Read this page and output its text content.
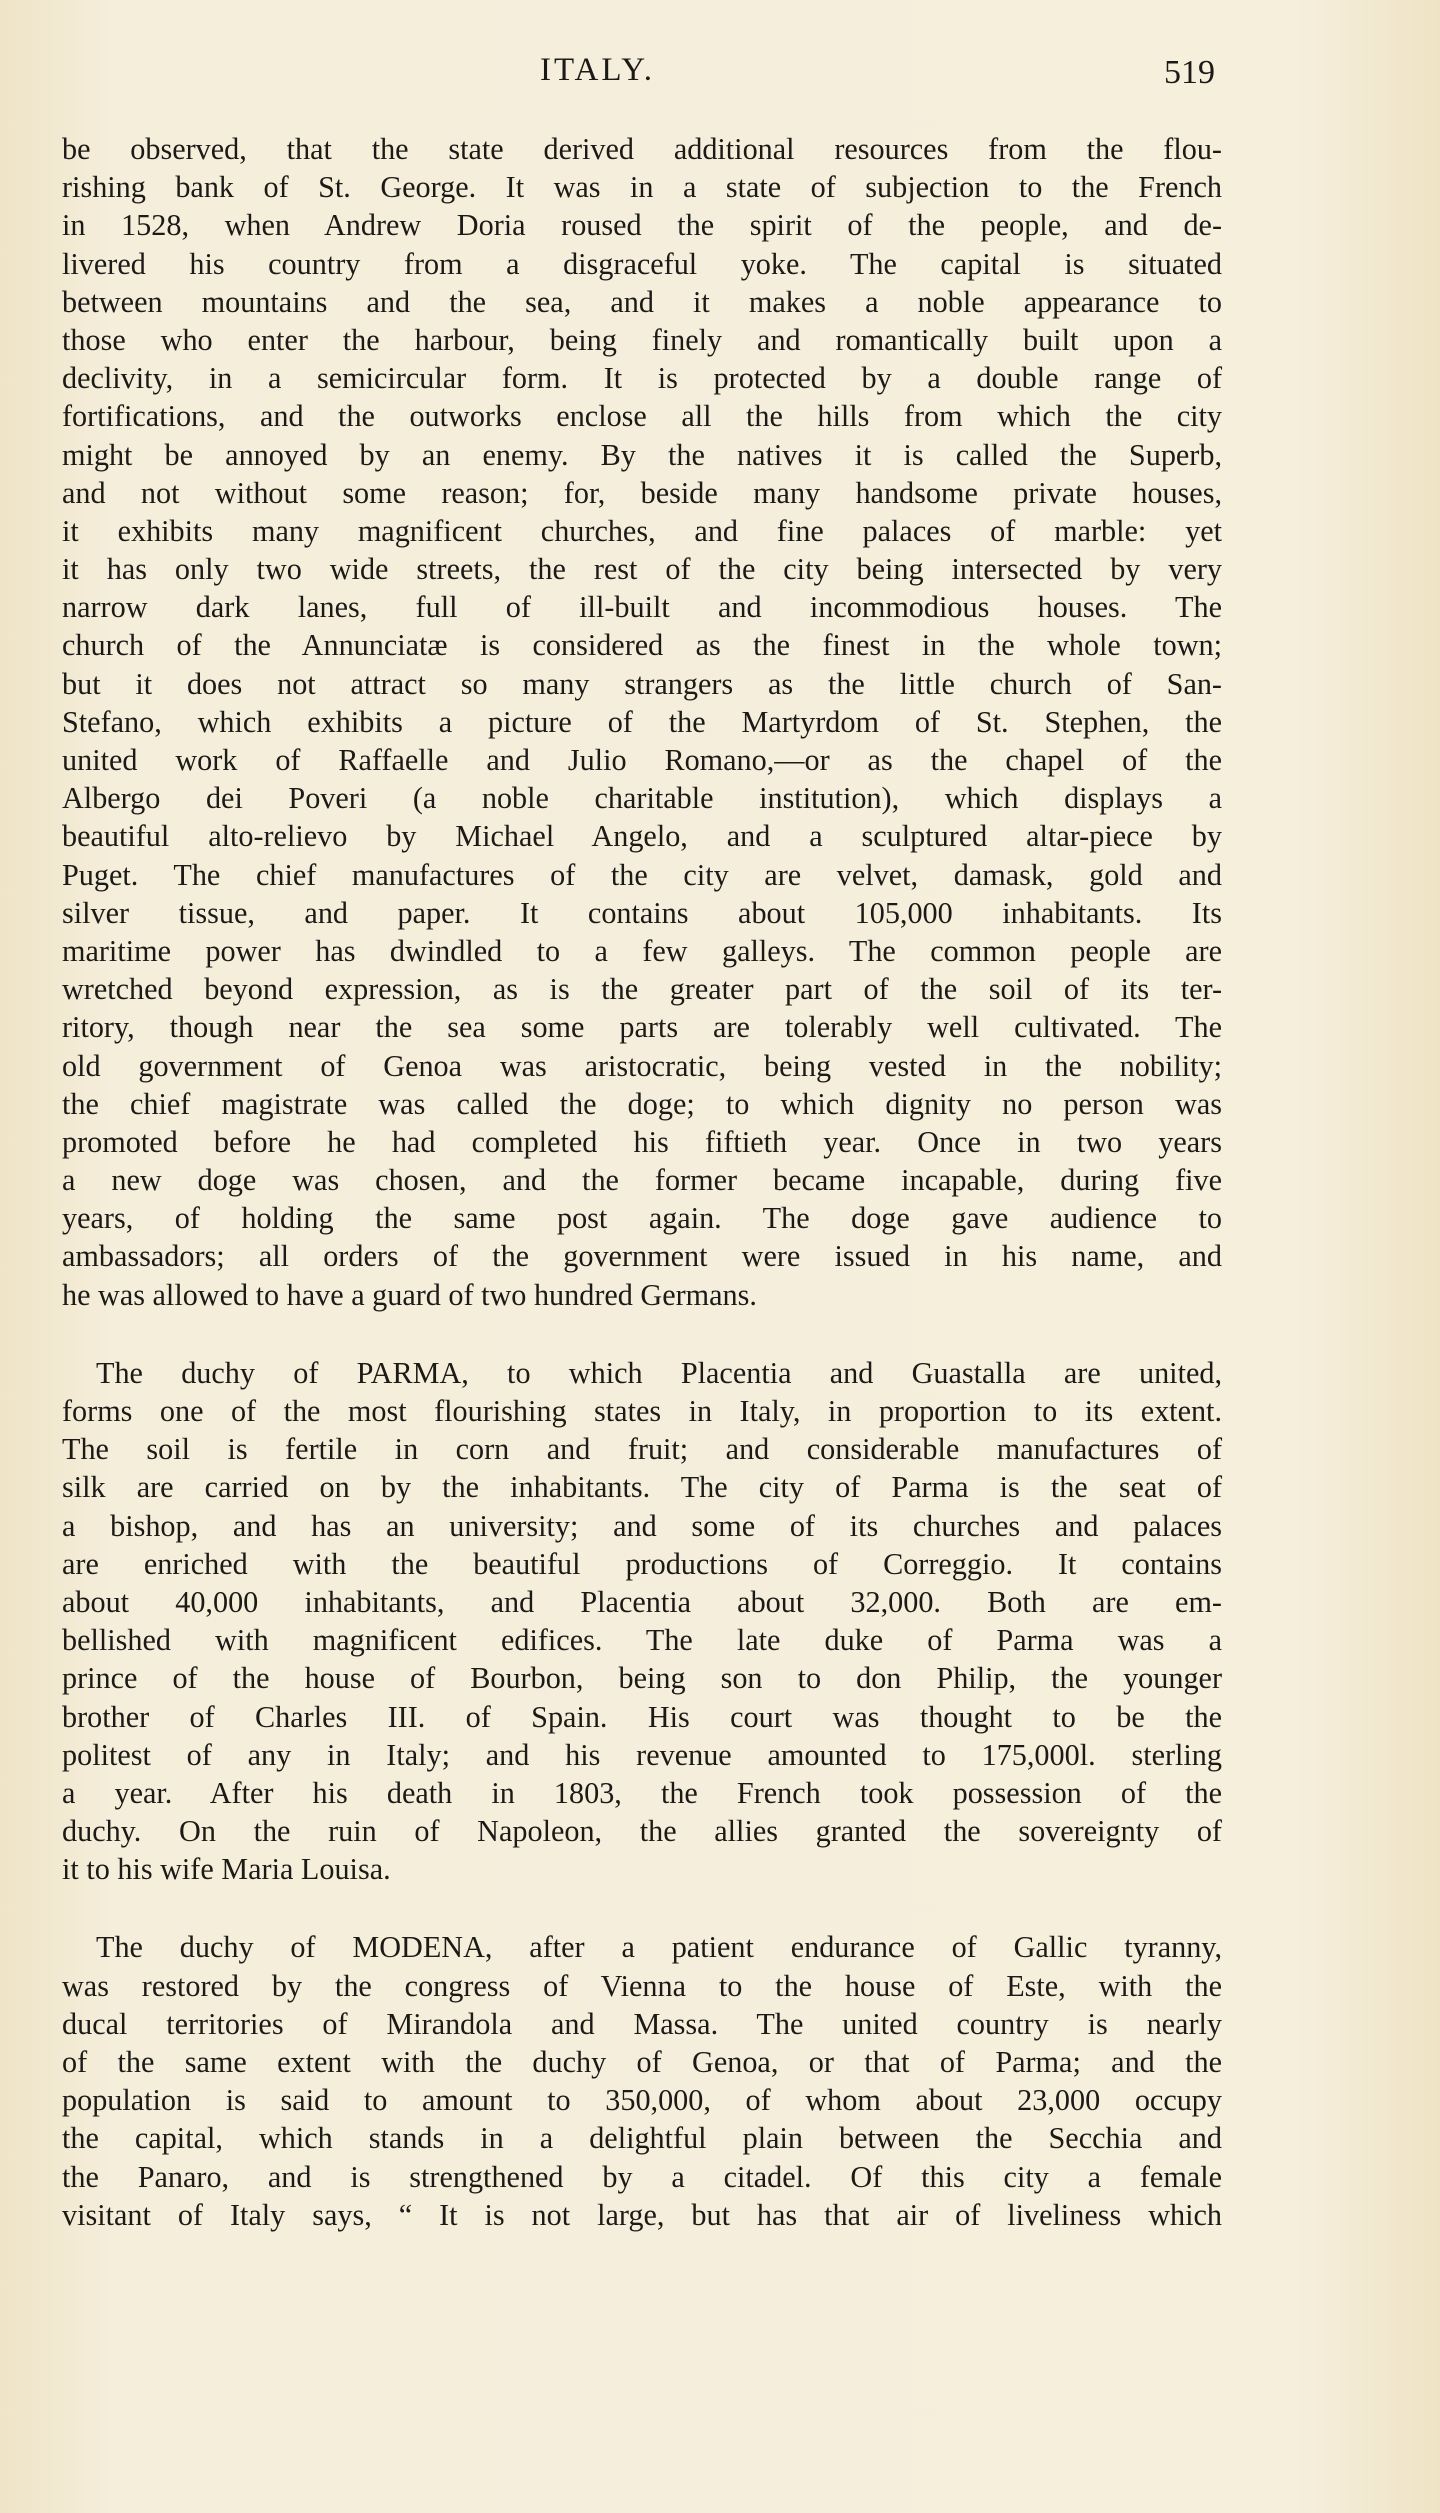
ITALY.	519
be observed, that the state derived additional resources from the flou-
rishing bank of St. George. It was in a state of subjection to the French
in 1528, when Andrew Doria roused the spirit of the people, and de-
livered his country from a disgraceful yoke. The capital is situated
between mountains and the sea, and it makes a noble appearance to
those who enter the harbour, being finely and romantically built upon a
declivity, in a semicircular form. It is protected by a double range of
fortifications, and the outworks enclose all the hills from which the city
might be annoyed by an enemy. By the natives it is called the Superb,
and not without some reason; for, beside many handsome private houses,
it exhibits many magnificent churches, and fine palaces of marble: yet
it has only two wide streets, the rest of the city being intersected by very
narrow dark lanes, full of ill-built and incommodious houses. The
church of the Annunciatæ is considered as the finest in the whole town;
but it does not attract so many strangers as the little church of San-
Stefano, which exhibits a picture of the Martyrdom of St. Stephen, the
united work of Raffaelle and Julio Romano,—or as the chapel of the
Albergo dei Poveri (a noble charitable institution), which displays a
beautiful alto-relievo by Michael Angelo, and a sculptured altar-piece by
Puget. The chief manufactures of the city are velvet, damask, gold and
silver tissue, and paper. It contains about 105,000 inhabitants. Its
maritime power has dwindled to a few galleys. The common people are
wretched beyond expression, as is the greater part of the soil of its ter-
ritory, though near the sea some parts are tolerably well cultivated. The
old government of Genoa was aristocratic, being vested in the nobility;
the chief magistrate was called the doge; to which dignity no person was
promoted before he had completed his fiftieth year. Once in two years
a new doge was chosen, and the former became incapable, during five
years, of holding the same post again. The doge gave audience to
ambassadors; all orders of the government were issued in his name, and
he was allowed to have a guard of two hundred Germans.
The duchy of PARMA, to which Placentia and Guastalla are united,
forms one of the most flourishing states in Italy, in proportion to its extent.
The soil is fertile in corn and fruit; and considerable manufactures of
silk are carried on by the inhabitants. The city of Parma is the seat of
a bishop, and has an university; and some of its churches and palaces
are enriched with the beautiful productions of Correggio. It contains
about 40,000 inhabitants, and Placentia about 32,000. Both are em-
bellished with magnificent edifices. The late duke of Parma was a
prince of the house of Bourbon, being son to don Philip, the younger
brother of Charles III. of Spain. His court was thought to be the
politest of any in Italy; and his revenue amounted to 175,000l. sterling
a year. After his death in 1803, the French took possession of the
duchy. On the ruin of Napoleon, the allies granted the sovereignty of
it to his wife Maria Louisa.
The duchy of MODENA, after a patient endurance of Gallic tyranny,
was restored by the congress of Vienna to the house of Este, with the
ducal territories of Mirandola and Massa. The united country is nearly
of the same extent with the duchy of Genoa, or that of Parma; and the
population is said to amount to 350,000, of whom about 23,000 occupy
the capital, which stands in a delightful plain between the Secchia and
the Panaro, and is strengthened by a citadel. Of this city a female
visitant of Italy says, “ It is not large, but has that air of liveliness which
